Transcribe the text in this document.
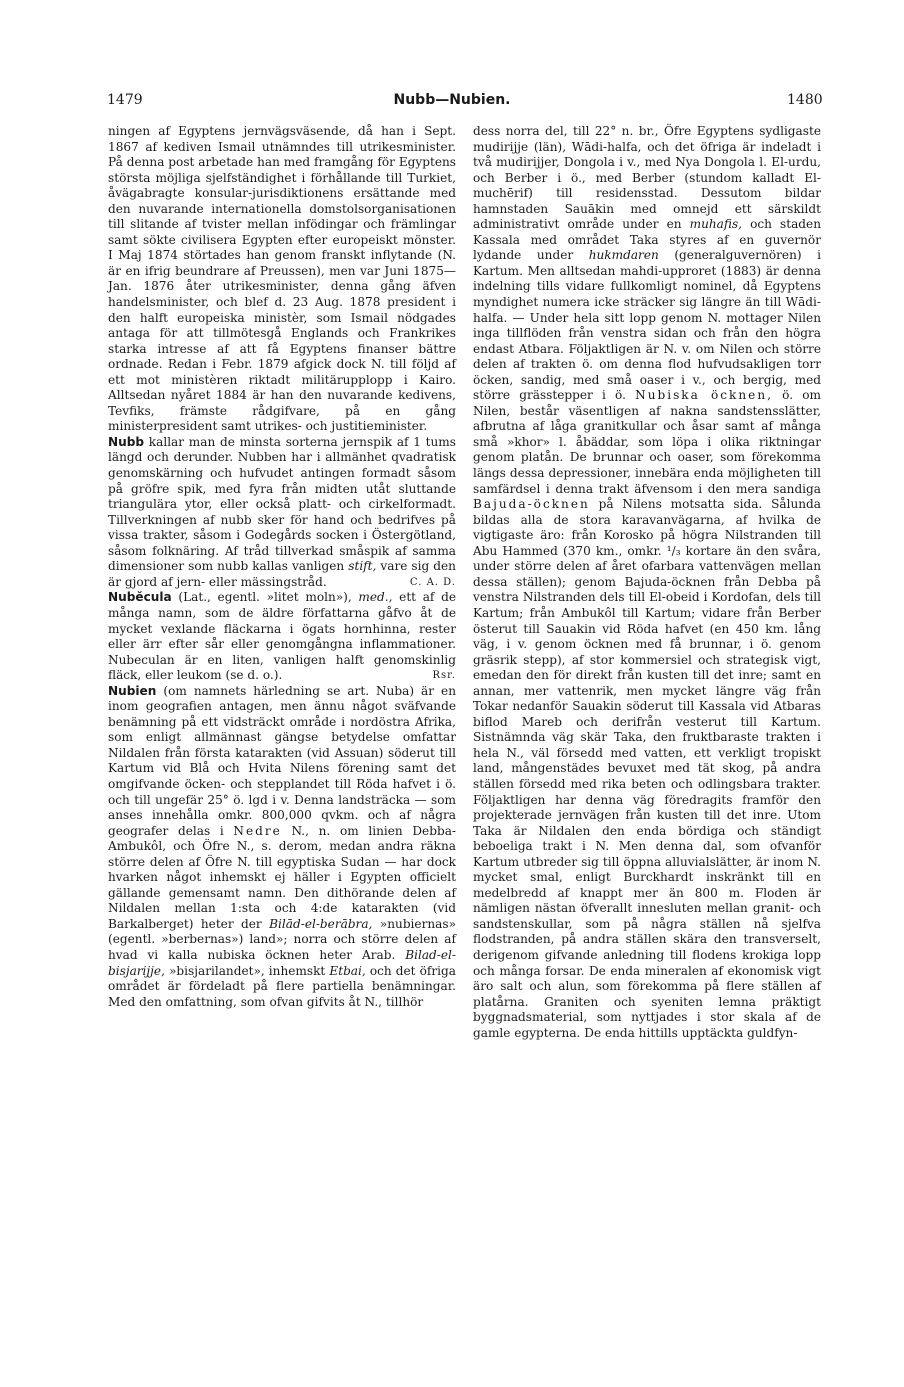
1479	Nubb—Nubien.	1480

ningen af Egyptens jernvägsväsende, då han i Sept. 1867 af kediven Ismail utnämndes till utrikesminister. På denna post arbetade han med framgång för Egyptens största möjliga sjelfständighet i förhållande till Turkiet, åvägabragte konsular-jurisdiktionens ersättande med den nuvarande internationella domstolsorganisationen till slitande af tvister mellan infödingar och främlingar samt sökte civilisera Egypten efter europeiskt mönster. I Maj 1874 störtades han genom franskt inflytande (N. är en ifrig beundrare af Preussen), men var Juni 1875—Jan. 1876 åter utrikesminister, denna gång äfven handelsminister, och blef d. 23 Aug. 1878 president i den halft europeiska ministèr, som Ismail nödgades antaga för att tillmötesgå Englands och Frankrikes starka intresse af att få Egyptens finanser bättre ordnade. Redan i Febr. 1879 afgick dock N. till följd af ett mot ministèren riktadt militärupplopp i Kairo. Alltsedan nyåret 1884 är han den nuvarande kedivens, Tevfiks, främste rådgifvare, på en gång ministerpresident samt utrikes- och justitieminister.

Nubb kallar man de minsta sorterna jernspik af 1 tums längd och derunder. Nubben har i allmänhet qvadratisk genomskärning och hufvudet antingen formadt såsom på gröfre spik, med fyra från midten utåt sluttande triangulära ytor, eller också platt- och cirkelformadt. Tillverkningen af nubb sker för hand och bedrifves på vissa trakter, såsom i Godegårds socken i Östergötland, såsom folknäring. Af tråd tillverkad småspik af samma dimensioner som nubb kallas vanligen stift, vare sig den är gjord af jern- eller mässingstråd.	C. A. D.

Nubĕcula (Lat., egentl. »litet moln»), med., ett af de många namn, som de äldre författarna gåfvo åt de mycket vexlande fläckarna i ögats hornhinna, rester eller ärr efter sår eller genomgångna inflammationer. Nubeculan är en liten, vanligen halft genomskinlig fläck, eller leukom (se d. o.).	Rsr.

Nubien (om namnets härledning se art. Nuba) är en inom geografien antagen, men ännu något sväfvande benämning på ett vidsträckt område i nordöstra Afrika, som enligt allmännast gängse betydelse omfattar Nildalen från första katarakten (vid Assuan) söderut till Kartum vid Blå och Hvita Nilens förening samt det omgifvande öcken- och stepplandet till Röda hafvet i ö. och till ungefär 25° ö. lgd i v. Denna landsträcka — som anses innehålla omkr. 800,000 qvkm. och af några geografer delas i Nedre N., n. om linien Debba-Ambukôl, och Öfre N., s. derom, medan andra räkna större delen af Öfre N. till egyptiska Sudan — har dock hvarken något inhemskt ej häller i Egypten officielt gällande gemensamt namn. Den dithörande delen af Nildalen mellan 1:sta och 4:de katarakten (vid Barkalberget) heter der Bilād-el-berābra, »nubiernas» (egentl. »berbernas») land»; norra och större delen af hvad vi kalla nubiska öcknen heter Arab. Bilad-el-bisjarijje, »bisjarilandet», inhemskt Etbai, och det öfriga området är fördeladt på flere partiella benämningar. Med den omfattning, som ofvan gifvits åt N., tillhör

dess norra del, till 22° n. br., Öfre Egyptens sydligaste mudirijje (län), Wādi-halfa, och det öfriga är indeladt i två mudirijjer, Dongola i v., med Nya Dongola l. El-urdu, och Berber i ö., med Berber (stundom kalladt El-muchērif) till residensstad. Dessutom bildar hamnstaden Sauākin med omnejd ett särskildt administrativt område under en muhafis, och staden Kassala med området Taka styres af en guvernör lydande under hukmdaren (generalguvernören) i Kartum. Men alltsedan mahdi-upproret (1883) är denna indelning tills vidare fullkomligt nominel, då Egyptens myndighet numera icke sträcker sig längre än till Wādi-halfa. — Under hela sitt lopp genom N. mottager Nilen inga tillflöden från venstra sidan och från den högra endast Atbara. Följaktligen är N. v. om Nilen och större delen af trakten ö. om denna flod hufvudsakligen torr öcken, sandig, med små oaser i v., och bergig, med större grässtepper i ö. Nubiska öcknen, ö. om Nilen, består väsentligen af nakna sandstensslätter, afbrutna af låga granitkullar och åsar samt af många små »khor» l. åbäddar, som löpa i olika riktningar genom platån. De brunnar och oaser, som förekomma längs dessa depressioner, innebära enda möjligheten till samfärdsel i denna trakt äfvensom i den mera sandiga Bajuda-öcknen på Nilens motsatta sida. Sålunda bildas alla de stora karavanvägarna, af hvilka de vigtigaste äro: från Korosko på högra Nilstranden till Abu Hammed (370 km., omkr. ¹/₃ kortare än den svåra, under större delen af året ofarbara vattenvägen mellan dessa ställen); genom Bajuda-öcknen från Debba på venstra Nilstranden dels till El-obeid i Kordofan, dels till Kartum; från Ambukôl till Kartum; vidare från Berber österut till Sauakin vid Röda hafvet (en 450 km. lång väg, i v. genom öcknen med få brunnar, i ö. genom gräsrik stepp), af stor kommersiel och strategisk vigt, emedan den för direkt från kusten till det inre; samt en annan, mer vattenrik, men mycket längre väg från Tokar nedanför Sauakin söderut till Kassala vid Atbaras biflod Mareb och derifrån vesterut till Kartum. Sistnämnda väg skär Taka, den fruktbaraste trakten i hela N., väl försedd med vatten, ett verkligt tropiskt land, mångenstädes bevuxet med tät skog, på andra ställen försedd med rika beten och odlingsbara trakter. Följaktligen har denna väg föredragits framför den projekterade jernvägen från kusten till det inre. Utom Taka är Nildalen den enda bördiga och ständigt beboeliga trakt i N. Men denna dal, som ofvanför Kartum utbreder sig till öppna alluvialslätter, är inom N. mycket smal, enligt Burckhardt inskränkt till en medelbredd af knappt mer än 800 m. Floden är nämligen nästan öfverallt innesluten mellan granit- och sandstenskullar, som på några ställen nå sjelfva flodstranden, på andra ställen skära den transverselt, derigenom gifvande anledning till flodens krokiga lopp och många forsar. De enda mineralen af ekonomisk vigt äro salt och alun, som förekomma på flere ställen af platårna. Graniten och syeniten lemna präktigt byggnadsmaterial, som nyttjades i stor skala af de gamle egypterna. De enda hittills upptäckta guldfyn-
